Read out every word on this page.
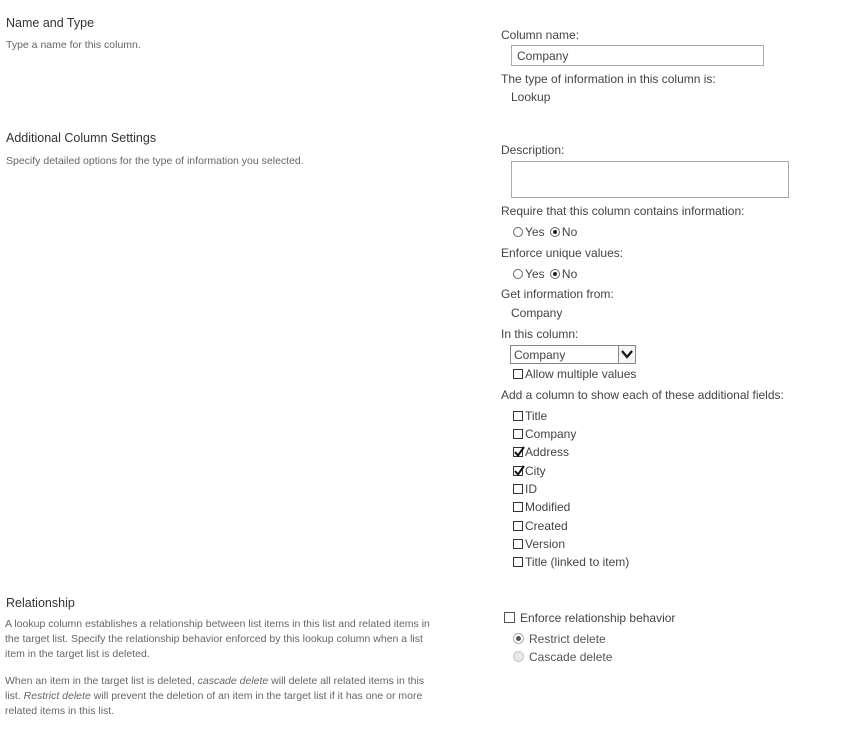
Name and Type
Type a name for this column.
Column name:
Company
The type of information in this column is:
Lookup
Additional Column Settings
Specify detailed options for the type of information you selected.
Description:
Require that this column contains information:
Yes No
Enforce unique values:
Yes No
Get information from:
Company
In this column:
Company
Allow multiple values
Add a column to show each of these additional fields:
Title
Company
Address
City
ID
Modified
Created
Version
Title (linked to item)
Relationship
A lookup column establishes a relationship between list items in this list and related items in the target list. Specify the relationship behavior enforced by this lookup column when a list item in the target list is deleted.
When an item in the target list is deleted, cascade delete will delete all related items in this list. Restrict delete will prevent the deletion of an item in the target list if it has one or more related items in this list.
Enforce relationship behavior
Restrict delete
Cascade delete
